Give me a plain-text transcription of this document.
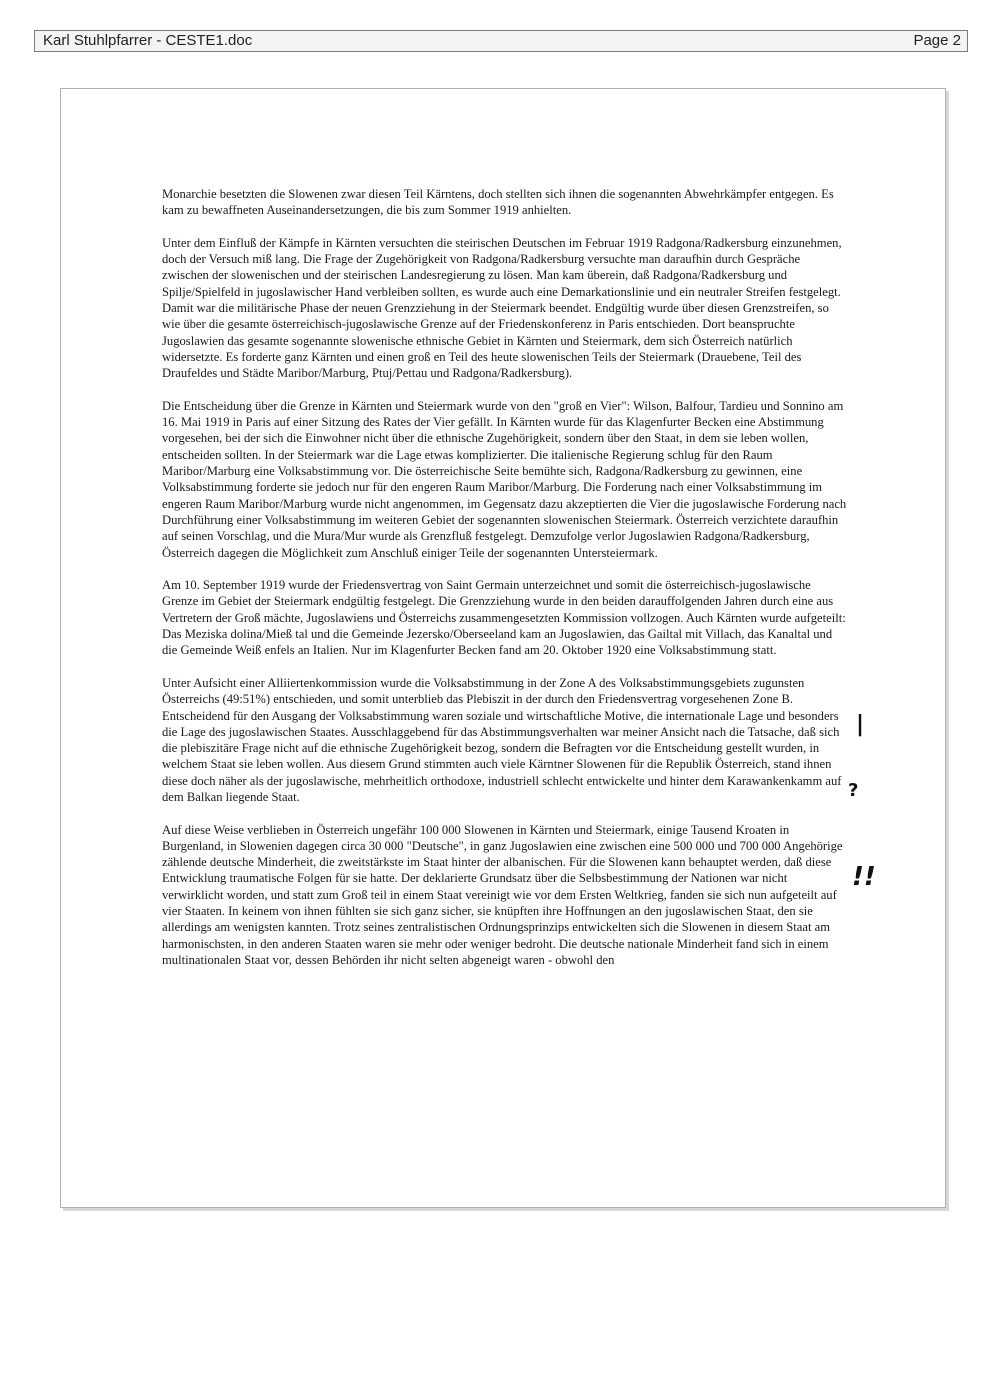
Karl Stuhlpfarrer - CESTE1.doc	Page 2

Monarchie besetzten die Slowenen zwar diesen Teil Kärntens, doch stellten sich ihnen die sogenannten Abwehrkämpfer entgegen. Es kam zu bewaffneten Auseinandersetzungen, die bis zum Sommer 1919 anhielten.

Unter dem Einfluß der Kämpfe in Kärnten versuchten die steirischen Deutschen im Februar 1919 Radgona/Radkersburg einzunehmen, doch der Versuch miß lang. Die Frage der Zugehörigkeit von Radgona/Radkersburg versuchte man daraufhin durch Gespräche zwischen der slowenischen und der steirischen Landesregierung zu lösen. Man kam überein, daß Radgona/Radkersburg und Spilje/Spielfeld in jugoslawischer Hand verbleiben sollten, es wurde auch eine Demarkationslinie und ein neutraler Streifen festgelegt. Damit war die militärische Phase der neuen Grenzziehung in der Steiermark beendet. Endgültig wurde über diesen Grenzstreifen, so wie über die gesamte österreichisch-jugoslawische Grenze auf der Friedenskonferenz in Paris entschieden. Dort beanspruchte Jugoslawien das gesamte sogenannte slowenische ethnische Gebiet in Kärnten und Steiermark, dem sich Österreich natürlich widersetzte. Es forderte ganz Kärnten und einen groß en Teil des heute slowenischen Teils der Steiermark (Drauebene, Teil des Draufeldes und Städte Maribor/Marburg, Ptuj/Pettau und Radgona/Radkersburg).

Die Entscheidung über die Grenze in Kärnten und Steiermark wurde von den "groß en Vier": Wilson, Balfour, Tardieu und Sonnino am 16. Mai 1919 in Paris auf einer Sitzung des Rates der Vier gefällt. In Kärnten wurde für das Klagenfurter Becken eine Abstimmung vorgesehen, bei der sich die Einwohner nicht über die ethnische Zugehörigkeit, sondern über den Staat, in dem sie leben wollen, entscheiden sollten. In der Steiermark war die Lage etwas komplizierter. Die italienische Regierung schlug für den Raum Maribor/Marburg eine Volksabstimmung vor. Die österreichische Seite bemühte sich, Radgona/Radkersburg zu gewinnen, eine Volksabstimmung forderte sie jedoch nur für den engeren Raum Maribor/Marburg. Die Forderung nach einer Volksabstimmung im engeren Raum Maribor/Marburg wurde nicht angenommen, im Gegensatz dazu akzeptierten die Vier die jugoslawische Forderung nach Durchführung einer Volksabstimmung im weiteren Gebiet der sogenannten slowenischen Steiermark. Österreich verzichtete daraufhin auf seinen Vorschlag, und die Mura/Mur wurde als Grenzfluß festgelegt. Demzufolge verlor Jugoslawien Radgona/Radkersburg, Österreich dagegen die Möglichkeit zum Anschluß einiger Teile der sogenannten Untersteiermark.

Am 10. September 1919 wurde der Friedensvertrag von Saint Germain unterzeichnet und somit die österreichisch-jugoslawische Grenze im Gebiet der Steiermark endgültig festgelegt. Die Grenzziehung wurde in den beiden darauffolgenden Jahren durch eine aus Vertretern der Groß mächte, Jugoslawiens und Österreichs zusammengesetzten Kommission vollzogen. Auch Kärnten wurde aufgeteilt: Das Meziska dolina/Mieß tal und die Gemeinde Jezersko/Oberseeland kam an Jugoslawien, das Gailtal mit Villach, das Kanaltal und die Gemeinde Weiß enfels an Italien. Nur im Klagenfurter Becken fand am 20. Oktober 1920 eine Volksabstimmung statt.

Unter Aufsicht einer Alliiertenkommission wurde die Volksabstimmung in der Zone A des Volksabstimmungsgebiets zugunsten Österreichs (49:51%) entschieden, und somit unterblieb das Plebiszit in der durch den Friedensvertrag vorgesehenen Zone B. Entscheidend für den Ausgang der Volksabstimmung waren soziale und wirtschaftliche Motive, die internationale Lage und besonders die Lage des jugoslawischen Staates. Ausschlaggebend für das Abstimmungsverhalten war meiner Ansicht nach die Tatsache, daß sich die plebiszitäre Frage nicht auf die ethnische Zugehörigkeit bezog, sondern die Befragten vor die Entscheidung gestellt wurden, in welchem Staat sie leben wollen. Aus diesem Grund stimmten auch viele Kärntner Slowenen für die Republik Österreich, stand ihnen diese doch näher als der jugoslawische, mehrheitlich orthodoxe, industriell schlecht entwickelte und hinter dem Karawankenkamm auf dem Balkan liegende Staat.

Auf diese Weise verblieben in Österreich ungefähr 100 000 Slowenen in Kärnten und Steiermark, einige Tausend Kroaten in Burgenland, in Slowenien dagegen circa 30 000 "Deutsche", in ganz Jugoslawien eine zwischen eine 500 000 und 700 000 Angehörige zählende deutsche Minderheit, die zweitstärkste im Staat hinter der albanischen. Für die Slowenen kann behauptet werden, daß diese Entwicklung traumatische Folgen für sie hatte. Der deklarierte Grundsatz über die Selbsbestimmung der Nationen war nicht verwirklicht worden, und statt zum Groß teil in einem Staat vereinigt wie vor dem Ersten Weltkrieg, fanden sie sich nun aufgeteilt auf vier Staaten. In keinem von ihnen fühlten sie sich ganz sicher, sie knüpften ihre Hoffnungen an den jugoslawischen Staat, den sie allerdings am wenigsten kannten. Trotz seines zentralistischen Ordnungsprinzips entwickelten sich die Slowenen in diesem Staat am harmonischsten, in den anderen Staaten waren sie mehr oder weniger bedroht. Die deutsche nationale Minderheit fand sich in einem multinationalen Staat vor, dessen Behörden ihr nicht selten abgeneigt waren - obwohl den

|
?
!!
